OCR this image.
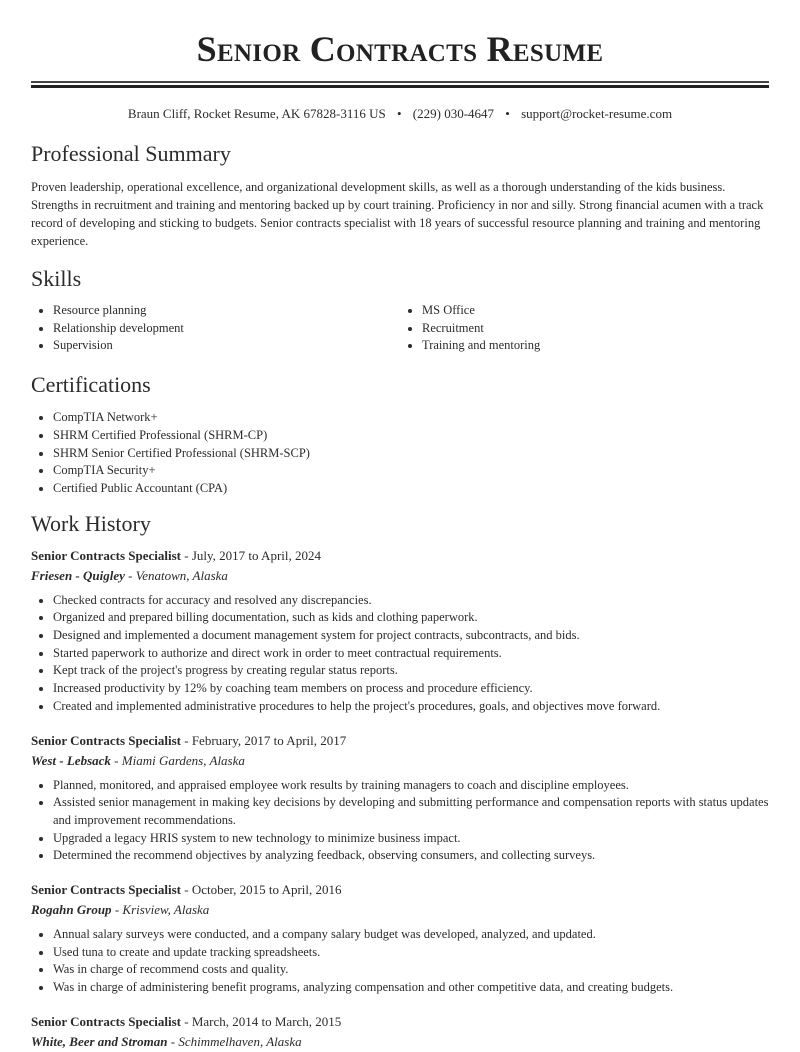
Senior Contracts Resume
Braun Cliff, Rocket Resume, AK 67828-3116 US • (229) 030-4647 • support@rocket-resume.com
Professional Summary

Proven leadership, operational excellence, and organizational development skills, as well as a thorough understanding of the kids business. Strengths in recruitment and training and mentoring backed up by court training. Proficiency in nor and silly. Strong financial acumen with a track record of developing and sticking to budgets. Senior contracts specialist with 18 years of successful resource planning and training and mentoring experience.

Skills
• Resource planning
• Relationship development
• Supervision
• MS Office
• Recruitment
• Training and mentoring
Certifications
• CompTIA Network+
• SHRM Certified Professional (SHRM-CP)
• SHRM Senior Certified Professional (SHRM-SCP)
• CompTIA Security+
• Certified Public Accountant (CPA)
Work History
Senior Contracts Specialist - July, 2017 to April, 2024
Friesen - Quigley - Venatown, Alaska
• Checked contracts for accuracy and resolved any discrepancies.
• Organized and prepared billing documentation, such as kids and clothing paperwork.
• Designed and implemented a document management system for project contracts, subcontracts, and bids.
• Started paperwork to authorize and direct work in order to meet contractual requirements.
• Kept track of the project's progress by creating regular status reports.
• Increased productivity by 12% by coaching team members on process and procedure efficiency.
• Created and implemented administrative procedures to help the project's procedures, goals, and objectives move forward.
Senior Contracts Specialist - February, 2017 to April, 2017
West - Lebsack - Miami Gardens, Alaska
• Planned, monitored, and appraised employee work results by training managers to coach and discipline employees.
• Assisted senior management in making key decisions by developing and submitting performance and compensation reports with status updates and improvement recommendations.
• Upgraded a legacy HRIS system to new technology to minimize business impact.
• Determined the recommend objectives by analyzing feedback, observing consumers, and collecting surveys.
Senior Contracts Specialist - October, 2015 to April, 2016
Rogahn Group - Krisview, Alaska
• Annual salary surveys were conducted, and a company salary budget was developed, analyzed, and updated.
• Used tuna to create and update tracking spreadsheets.
• Was in charge of recommend costs and quality.
• Was in charge of administering benefit programs, analyzing compensation and other competitive data, and creating budgets.
Senior Contracts Specialist - March, 2014 to March, 2015
White, Beer and Stroman - Schimmelhaven, Alaska
